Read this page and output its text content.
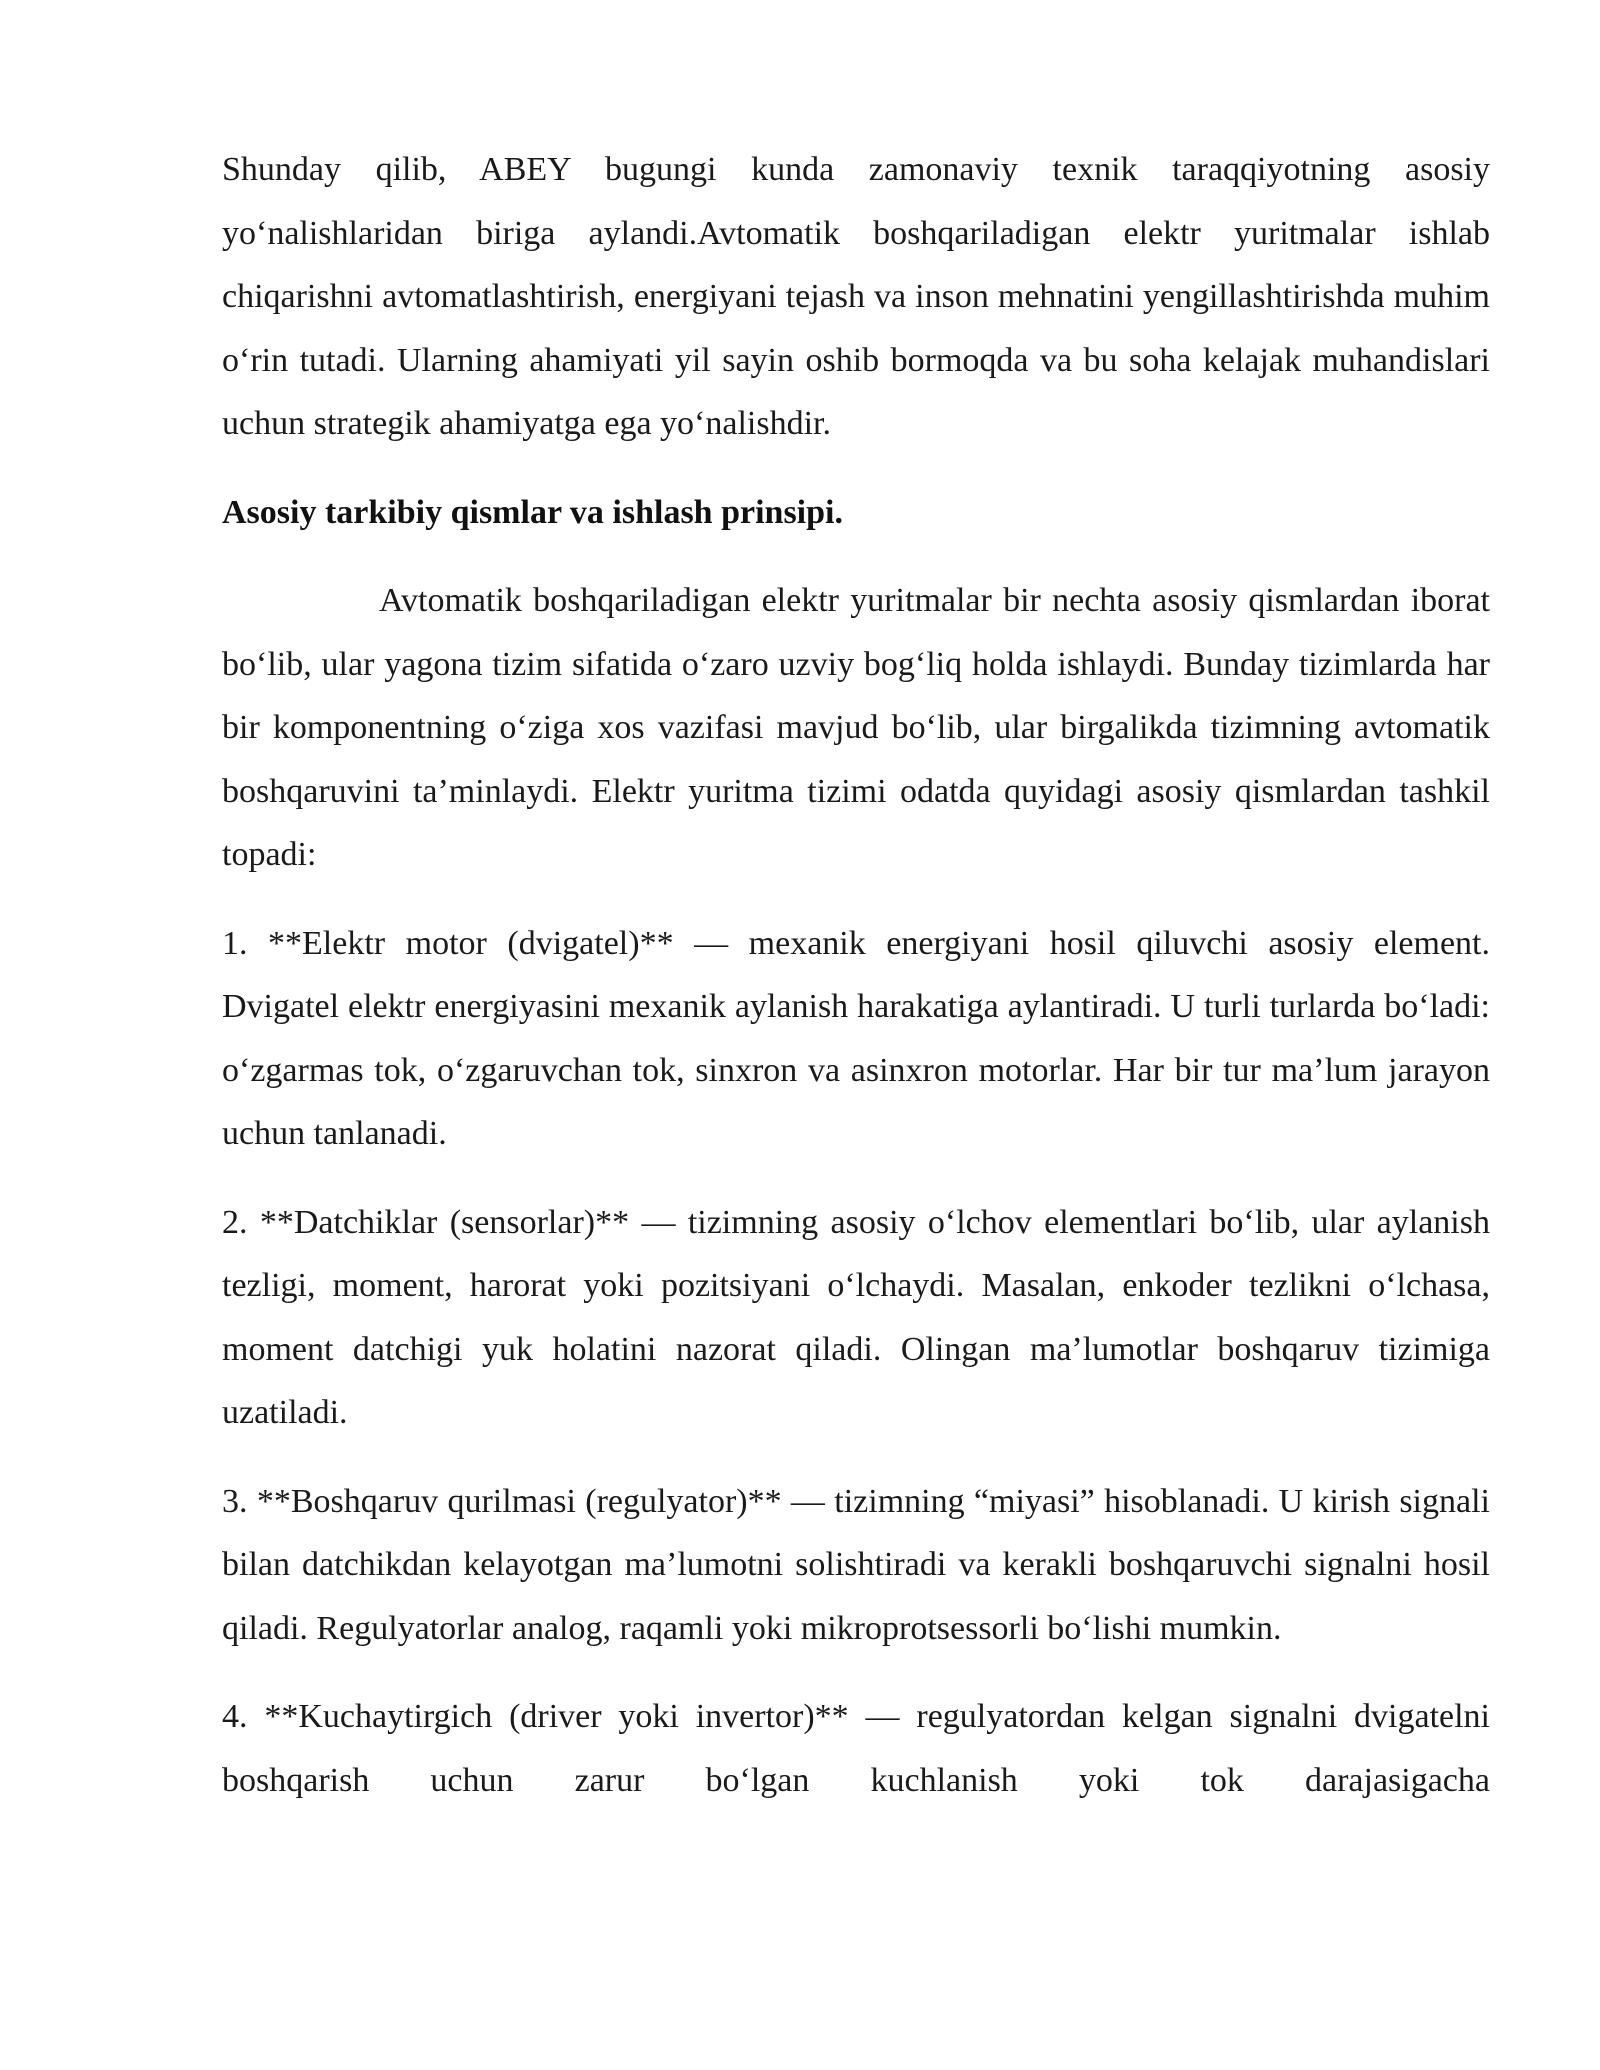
Shunday qilib, ABEY bugungi kunda zamonaviy texnik taraqqiyotning asosiy yo‘nalishlaridan biriga aylandi.Avtomatik boshqariladigan elektr yuritmalar ishlab chiqarishni avtomatlashtirish, energiyani tejash va inson mehnatini yengillashtirishda muhim o‘rin tutadi. Ularning ahamiyati yil sayin oshib bormoqda va bu soha kelajak muhandislari uchun strategik ahamiyatga ega yo‘nalishdir.

Asosiy tarkibiy qismlar va ishlash prinsipi.

Avtomatik boshqariladigan elektr yuritmalar bir nechta asosiy qismlardan iborat bo‘lib, ular yagona tizim sifatida o‘zaro uzviy bog‘liq holda ishlaydi. Bunday tizimlarda har bir komponentning o‘ziga xos vazifasi mavjud bo‘lib, ular birgalikda tizimning avtomatik boshqaruvini ta’minlaydi. Elektr yuritma tizimi odatda quyidagi asosiy qismlardan tashkil topadi:

1. **Elektr motor (dvigatel)** — mexanik energiyani hosil qiluvchi asosiy element. Dvigatel elektr energiyasini mexanik aylanish harakatiga aylantiradi. U turli turlarda bo‘ladi: o‘zgarmas tok, o‘zgaruvchan tok, sinxron va asinxron motorlar. Har bir tur ma’lum jarayon uchun tanlanadi.

2. **Datchiklar (sensorlar)** — tizimning asosiy o‘lchov elementlari bo‘lib, ular aylanish tezligi, moment, harorat yoki pozitsiyani o‘lchaydi. Masalan, enkoder tezlikni o‘lchasa, moment datchigi yuk holatini nazorat qiladi. Olingan ma’lumotlar boshqaruv tizimiga uzatiladi.

3. **Boshqaruv qurilmasi (regulyator)** — tizimning “miyasi” hisoblanadi. U kirish signali bilan datchikdan kelayotgan ma’lumotni solishtiradi va kerakli boshqaruvchi signalni hosil qiladi. Regulyatorlar analog, raqamli yoki mikroprotsessorli bo‘lishi mumkin.

4. **Kuchaytirgich (driver yoki invertor)** — regulyatordan kelgan signalni dvigatelni boshqarish uchun zarur bo‘lgan kuchlanish yoki tok darajasigacha
